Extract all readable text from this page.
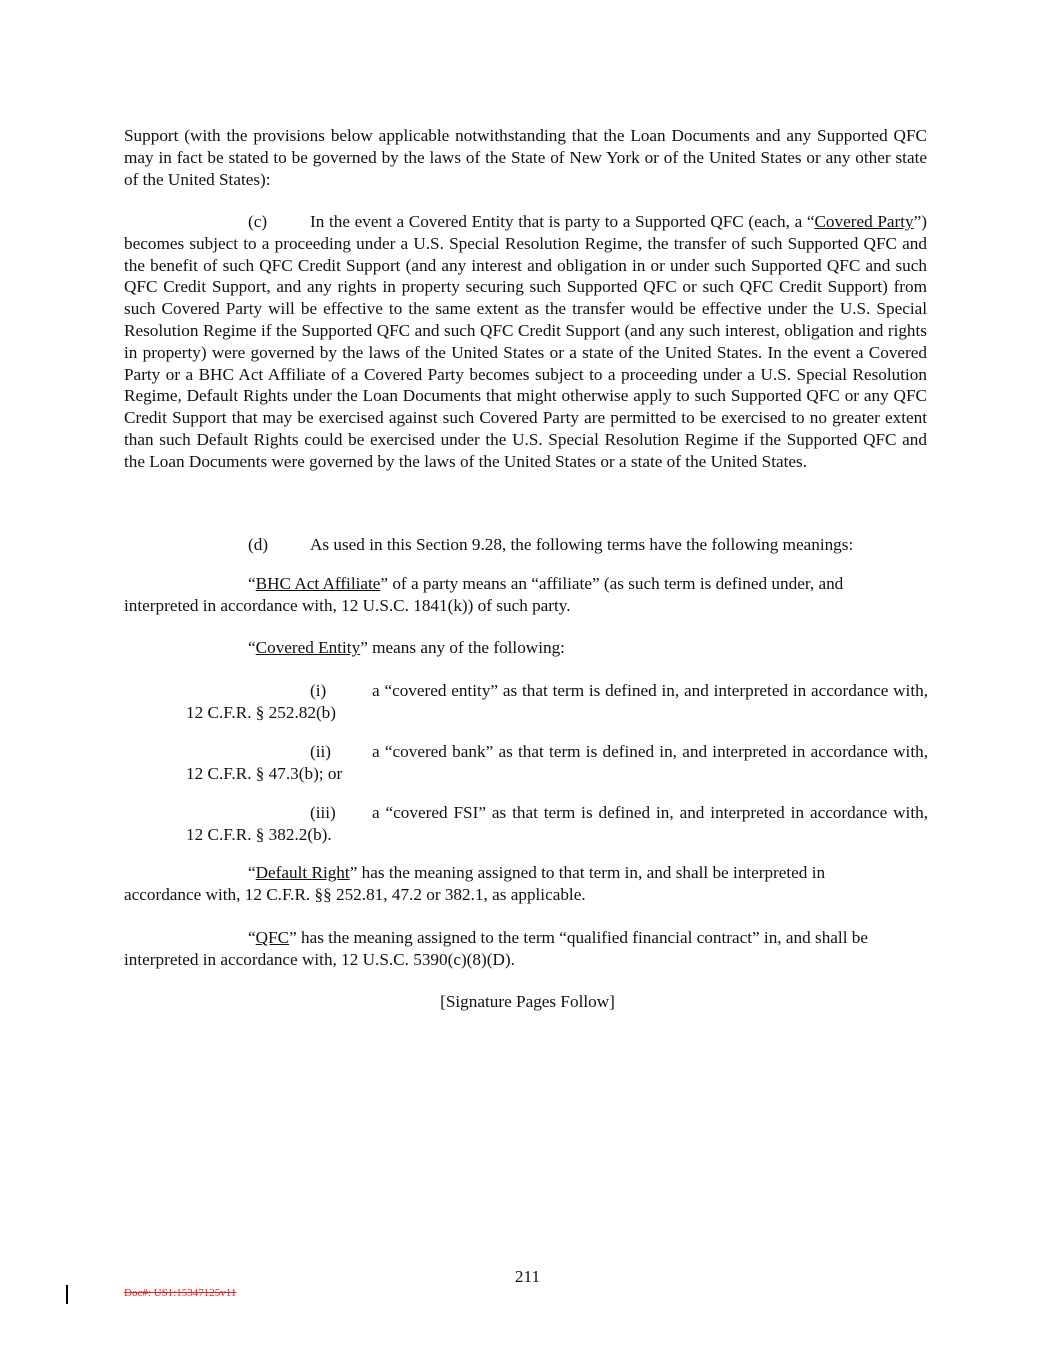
Support (with the provisions below applicable notwithstanding that the Loan Documents and any Supported QFC may in fact be stated to be governed by the laws of the State of New York or of the United States or any other state of the United States):

(c) In the event a Covered Entity that is party to a Supported QFC (each, a “Covered Party”) becomes subject to a proceeding under a U.S. Special Resolution Regime, the transfer of such Supported QFC and the benefit of such QFC Credit Support (and any interest and obligation in or under such Supported QFC and such QFC Credit Support, and any rights in property securing such Supported QFC or such QFC Credit Support) from such Covered Party will be effective to the same extent as the transfer would be effective under the U.S. Special Resolution Regime if the Supported QFC and such QFC Credit Support (and any such interest, obligation and rights in property) were governed by the laws of the United States or a state of the United States. In the event a Covered Party or a BHC Act Affiliate of a Covered Party becomes subject to a proceeding under a U.S. Special Resolution Regime, Default Rights under the Loan Documents that might otherwise apply to such Supported QFC or any QFC Credit Support that may be exercised against such Covered Party are permitted to be exercised to no greater extent than such Default Rights could be exercised under the U.S. Special Resolution Regime if the Supported QFC and the Loan Documents were governed by the laws of the United States or a state of the United States.

(d) As used in this Section 9.28, the following terms have the following meanings:

“BHC Act Affiliate” of a party means an “affiliate” (as such term is defined under, and interpreted in accordance with, 12 U.S.C. 1841(k)) of such party.

“Covered Entity” means any of the following:

(i)	a “covered entity” as that term is defined in, and interpreted in accordance with, 12 C.F.R. § 252.82(b)

(ii) a “covered bank” as that term is defined in, and interpreted in accordance with, 12 C.F.R. § 47.3(b); or

(iii) a “covered FSI” as that term is defined in, and interpreted in accordance with, 12 C.F.R. § 382.2(b).

“Default Right” has the meaning assigned to that term in, and shall be interpreted in accordance with, 12 C.F.R. §§ 252.81, 47.2 or 382.1, as applicable.

“QFC” has the meaning assigned to the term “qualified financial contract” in, and shall be interpreted in accordance with, 12 U.S.C. 5390(c)(8)(D).

[Signature Pages Follow]

211

Doc#: US1:15347125v11
